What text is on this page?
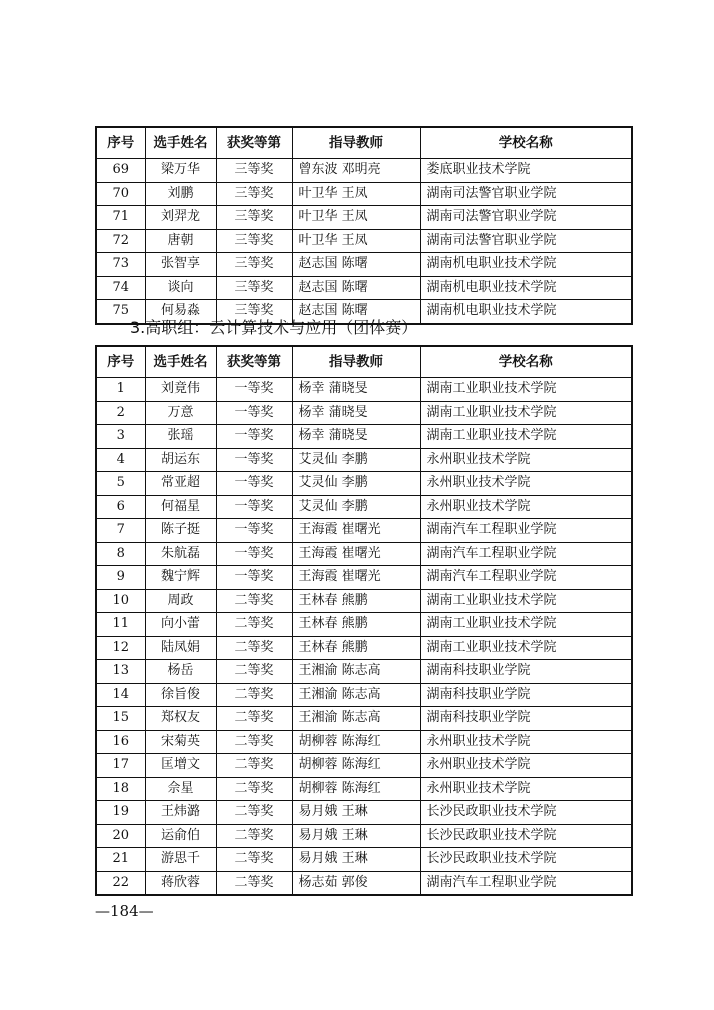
序号	选手姓名	获奖等第	指导教师	学校名称
69	梁万华	三等奖	曾东波 邓明亮	娄底职业技术学院
70	刘鹏	三等奖	叶卫华 王凤	湖南司法警官职业学院
71	刘羿龙	三等奖	叶卫华 王凤	湖南司法警官职业学院
72	唐朝	三等奖	叶卫华 王凤	湖南司法警官职业学院
73	张智享	三等奖	赵志国 陈曙	湖南机电职业技术学院
74	谈向	三等奖	赵志国 陈曙	湖南机电职业技术学院
75	何易淼	三等奖	赵志国 陈曙	湖南机电职业技术学院
3.高职组：云计算技术与应用（团体赛）
序号	选手姓名	获奖等第	指导教师	学校名称
1	刘竟伟	一等奖	杨幸 蒲晓旻	湖南工业职业技术学院
2	万意	一等奖	杨幸 蒲晓旻	湖南工业职业技术学院
3	张瑶	一等奖	杨幸 蒲晓旻	湖南工业职业技术学院
4	胡运东	一等奖	艾灵仙 李鹏	永州职业技术学院
5	常亚超	一等奖	艾灵仙 李鹏	永州职业技术学院
6	何福星	一等奖	艾灵仙 李鹏	永州职业技术学院
7	陈子挺	一等奖	王海霞 崔曙光	湖南汽车工程职业学院
8	朱航磊	一等奖	王海霞 崔曙光	湖南汽车工程职业学院
9	魏宁辉	一等奖	王海霞 崔曙光	湖南汽车工程职业学院
10	周政	二等奖	王林春 熊鹏	湖南工业职业技术学院
11	向小蕾	二等奖	王林春 熊鹏	湖南工业职业技术学院
12	陆凤娟	二等奖	王林春 熊鹏	湖南工业职业技术学院
13	杨岳	二等奖	王湘渝 陈志高	湖南科技职业学院
14	徐旨俊	二等奖	王湘渝 陈志高	湖南科技职业学院
15	郑权友	二等奖	王湘渝 陈志高	湖南科技职业学院
16	宋菊英	二等奖	胡柳蓉 陈海红	永州职业技术学院
17	匡增文	二等奖	胡柳蓉 陈海红	永州职业技术学院
18	佘星	二等奖	胡柳蓉 陈海红	永州职业技术学院
19	王炜潞	二等奖	易月娥 王琳	长沙民政职业技术学院
20	运俞伯	二等奖	易月娥 王琳	长沙民政职业技术学院
21	游思千	二等奖	易月娥 王琳	长沙民政职业技术学院
22	蒋欣蓉	二等奖	杨志茹 郭俊	湖南汽车工程职业学院
—184—
